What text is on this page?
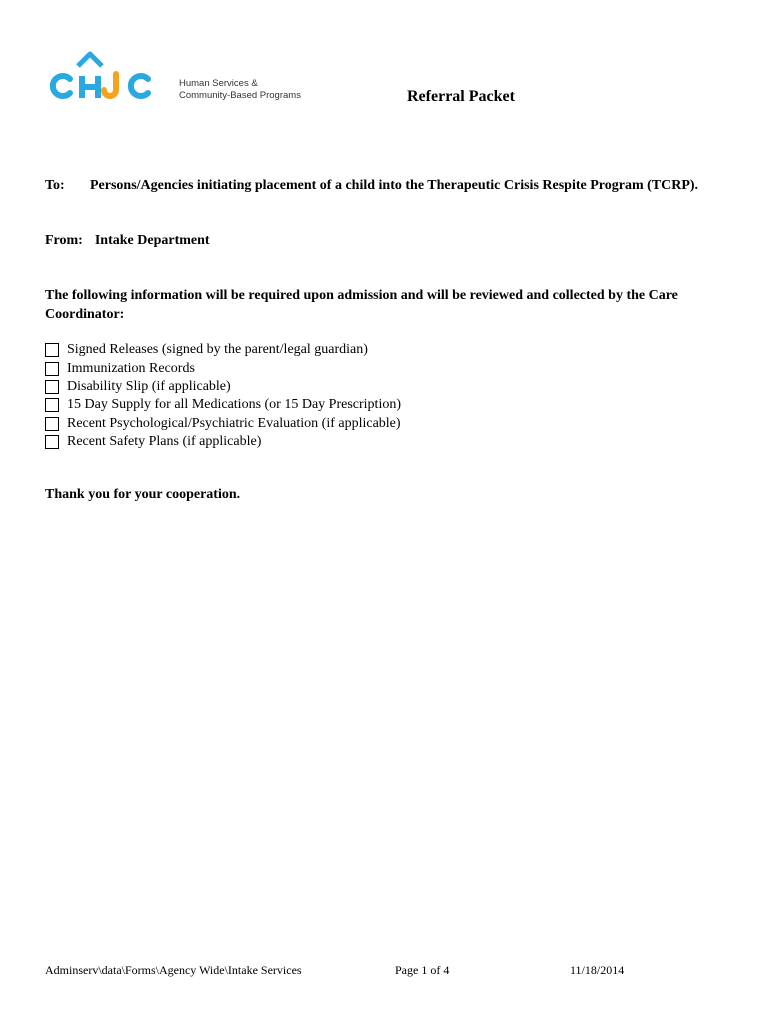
Human Services &
Community-Based Programs	Referral Packet
To: Persons/Agencies initiating placement of a child into the Therapeutic Crisis Respite Program (TCRP).
From: Intake Department
The following information will be required upon admission and will be reviewed and collected by the Care Coordinator:
Signed Releases (signed by the parent/legal guardian)
Immunization Records
Disability Slip (if applicable)
15 Day Supply for all Medications (or 15 Day Prescription)
Recent Psychological/Psychiatric Evaluation (if applicable)
Recent Safety Plans (if applicable)
Thank you for your cooperation.
Adminserv\data\Forms\Agency Wide\Intake Services	Page 1 of 4	11/18/2014
